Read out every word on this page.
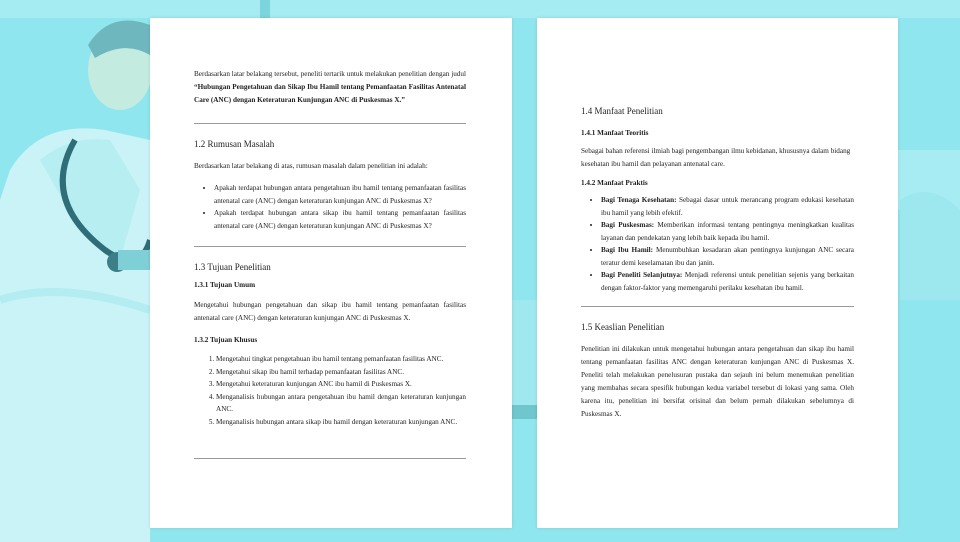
Berdasarkan latar belakang tersebut, peneliti tertarik untuk melakukan penelitian dengan judul “Hubungan Pengetahuan dan Sikap Ibu Hamil tentang Pemanfaatan Fasilitas Antenatal Care (ANC) dengan Keteraturan Kunjungan ANC di Puskesmas X.”

1.2 Rumusan Masalah

Berdasarkan latar belakang di atas, rumusan masalah dalam penelitian ini adalah:

• Apakah terdapat hubungan antara pengetahuan ibu hamil tentang pemanfaatan fasilitas antenatal care (ANC) dengan keteraturan kunjungan ANC di Puskesmas X?
• Apakah terdapat hubungan antara sikap ibu hamil tentang pemanfaatan fasilitas antenatal care (ANC) dengan keteraturan kunjungan ANC di Puskesmas X?
1.3 Tujuan Penelitian
1.3.1 Tujuan Umum

Mengetahui hubungan pengetahuan dan sikap ibu hamil tentang pemanfaatan fasilitas antenatal care (ANC) dengan keteraturan kunjungan ANC di Puskesmas X.

1.3.2 Tujuan Khusus
1. Mengetahui tingkat pengetahuan ibu hamil tentang pemanfaatan fasilitas ANC.
2. Mengetahui sikap ibu hamil terhadap pemanfaatan fasilitas ANC.
3. Mengetahui keteraturan kunjungan ANC ibu hamil di Puskesmas X.
4. Menganalisis hubungan antara pengetahuan ibu hamil dengan keteraturan kunjungan ANC.
5. Menganalisis hubungan antara sikap ibu hamil dengan keteraturan kunjungan ANC.
1.4 Manfaat Penelitian
1.4.1 Manfaat Teoritis

Sebagai bahan referensi ilmiah bagi pengembangan ilmu kebidanan, khususnya dalam bidang kesehatan ibu hamil dan pelayanan antenatal care.

1.4.2 Manfaat Praktis
• Bagi Tenaga Kesehatan: Sebagai dasar untuk merancang program edukasi kesehatan ibu hamil yang lebih efektif.
• Bagi Puskesmas: Memberikan informasi tentang pentingnya meningkatkan kualitas layanan dan pendekatan yang lebih baik kepada ibu hamil.
• Bagi Ibu Hamil: Menumbuhkan kesadaran akan pentingnya kunjungan ANC secara teratur demi keselamatan ibu dan janin.
• Bagi Peneliti Selanjutnya: Menjadi referensi untuk penelitian sejenis yang berkaitan dengan faktor-faktor yang memengaruhi perilaku kesehatan ibu hamil.
1.5 Keaslian Penelitian

Penelitian ini dilakukan untuk mengetahui hubungan antara pengetahuan dan sikap ibu hamil tentang pemanfaatan fasilitas ANC dengan keteraturan kunjungan ANC di Puskesmas X. Peneliti telah melakukan penelusuran pustaka dan sejauh ini belum menemukan penelitian yang membahas secara spesifik hubungan kedua variabel tersebut di lokasi yang sama. Oleh karena itu, penelitian ini bersifat orisinal dan belum pernah dilakukan sebelumnya di Puskesmas X.
